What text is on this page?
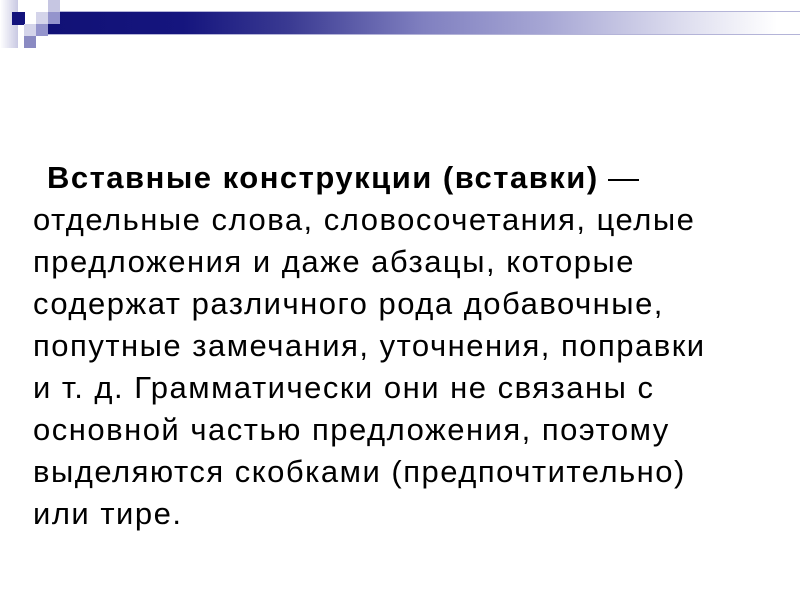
Вставные конструкции (вставки) —
отдельные слова, словосочетания, целые
предложения и даже абзацы, которые
содержат различного рода добавочные,
попутные замечания, уточнения, поправки
и т. д. Грамматически они не связаны с
основной частью предложения, поэтому
выделяются скобками (предпочтительно)
или тире.
